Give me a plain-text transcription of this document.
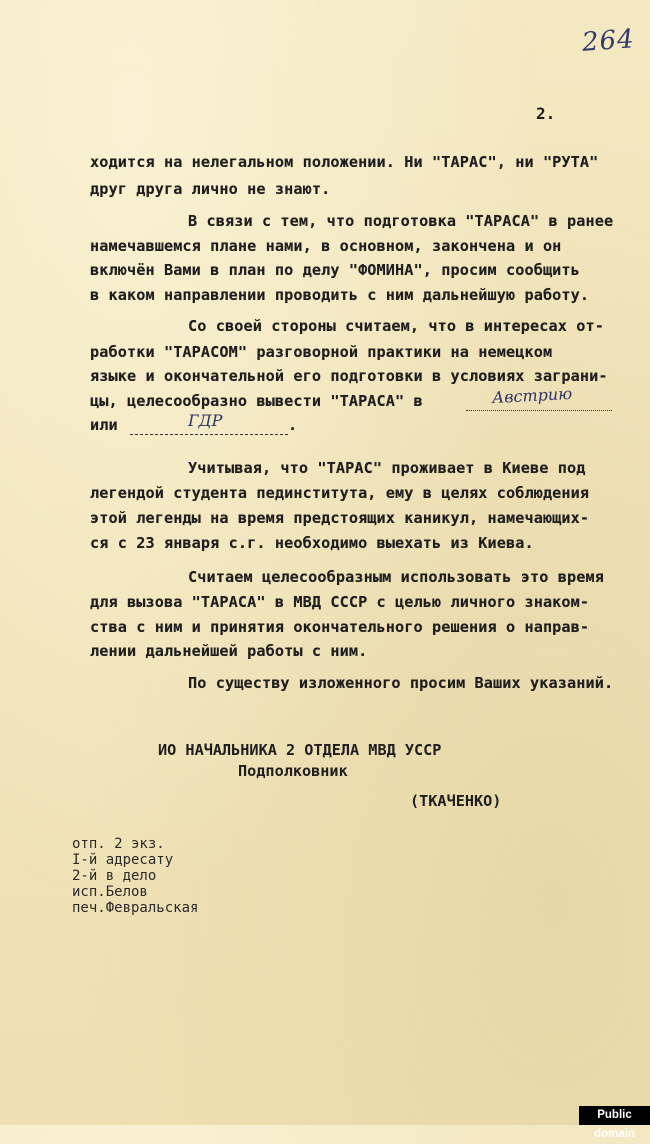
264
2.
ходится на нелегальном положении. Ни "ТАРАС", ни "РУТА"
друг друга лично не знают.
В связи с тем, что подготовка "ТАРАСА" в ранее
намечавшемся плане нами, в основном, закончена и он
включён Вами в план по делу "ФОМИНА", просим сообщить
в каком направлении проводить с ним дальнейшую работу.
Со своей стороны считаем, что в интересах от-
работки "ТАРАСОМ" разговорной практики на немецком
языке и окончательной его подготовки в условиях заграни-
цы, целесообразно вывести "ТАРАСА" в	Австрию
или	ГДР	.
Учитывая, что "ТАРАС" проживает в Киеве под
легендой студента пединститута, ему в целях соблюдения
этой легенды на время предстоящих каникул, намечающих-
ся с 23 января с.г. необходимо выехать из Киева.
Считаем целесообразным использовать это время
для вызова "ТАРАСА" в МВД СССР с целью личного знаком-
ства с ним и принятия окончательного решения о направ-
лении дальнейшей работы с ним.
По существу изложенного просим Ваших указаний.
ИО НАЧАЛЬНИКА 2 ОТДЕЛА МВД УССР
Подполковник
(ТКАЧЕНКО)
отп. 2 экз.
I-й адресату
2-й в дело
исп.Белов
печ.Февральская
Public domain
